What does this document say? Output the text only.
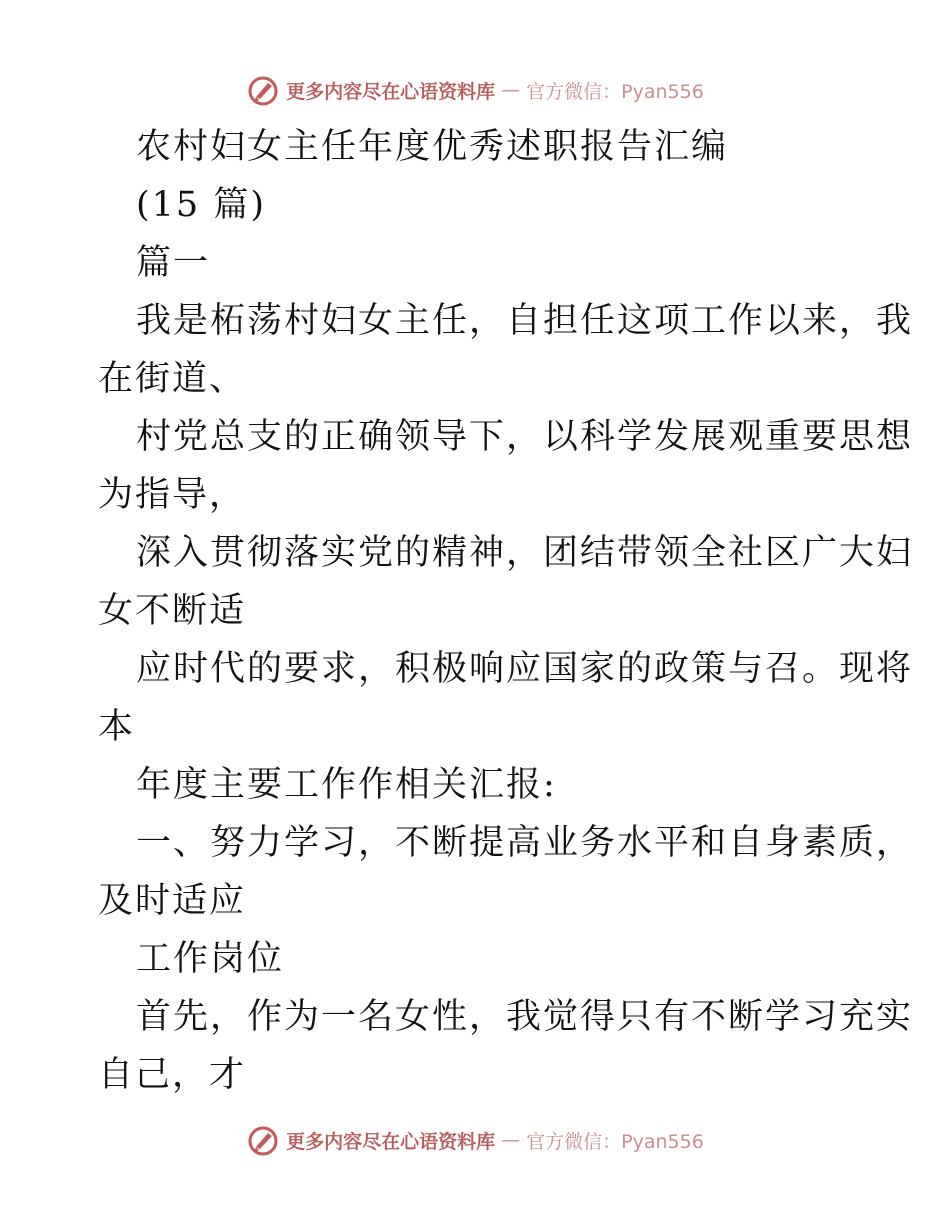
更多内容尽在心语资料库 — 官方微信：Pyan556
农村妇女主任年度优秀述职报告汇编
(15 篇)
篇一
我是柘荡村妇女主任，自担任这项工作以来，我
在街道、
村党总支的正确领导下，以科学发展观重要思想
为指导，
深入贯彻落实党的精神，团结带领全社区广大妇
女不断适
应时代的要求，积极响应国家的政策与召。现将
本
年度主要工作作相关汇报:
一、努力学习，不断提高业务水平和自身素质，
及时适应
工作岗位
首先，作为一名女性，我觉得只有不断学习充实
自己，才
更多内容尽在心语资料库 — 官方微信：Pyan556
